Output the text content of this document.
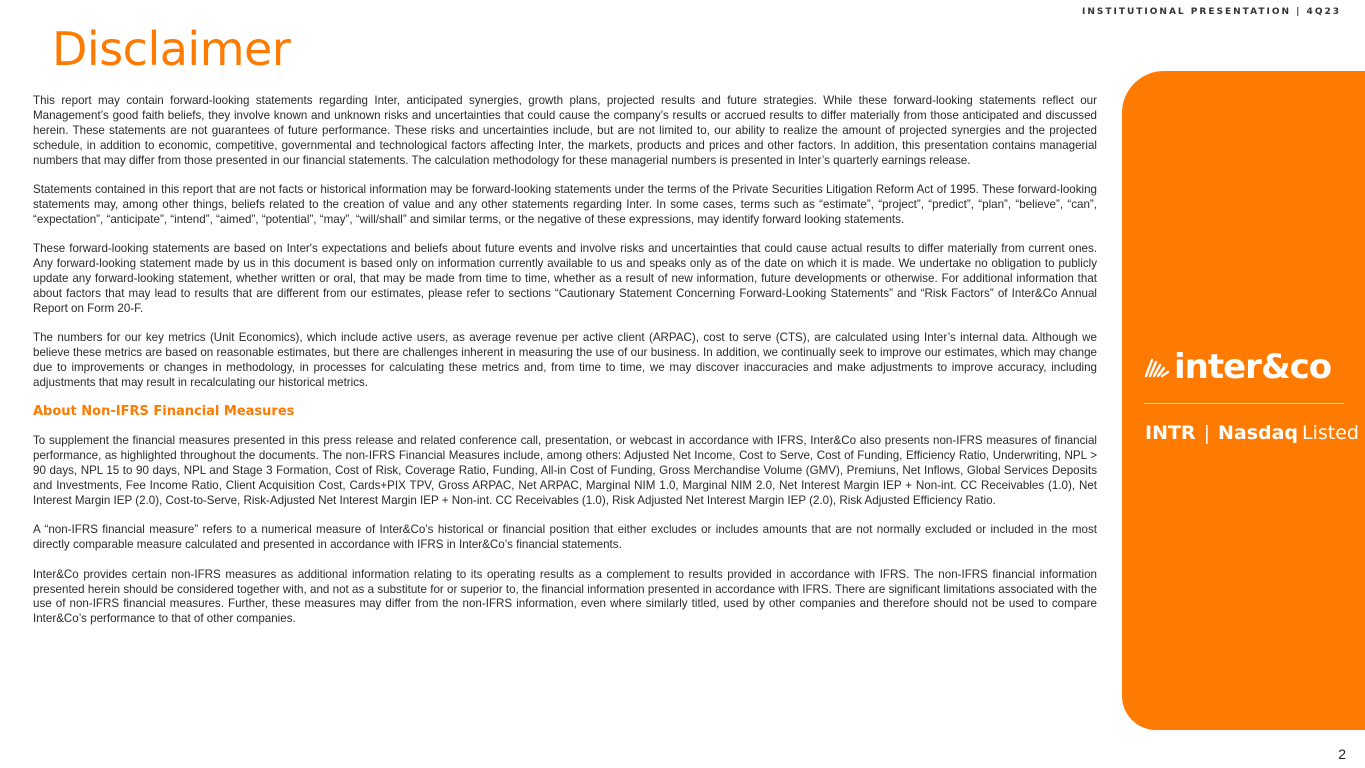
INSTITUTIONAL PRESENTATION | 4Q23
Disclaimer

This report may contain forward-looking statements regarding Inter, anticipated synergies, growth plans, projected results and future strategies. While these forward-looking statements reflect our Management’s good faith beliefs, they involve known and unknown risks and uncertainties that could cause the company’s results or accrued results to differ materially from those anticipated and discussed herein. These statements are not guarantees of future performance. These risks and uncertainties include, but are not limited to, our ability to realize the amount of projected synergies and the projected schedule, in addition to economic, competitive, governmental and technological factors affecting Inter, the markets, products and prices and other factors. In addition, this presentation contains managerial numbers that may differ from those presented in our financial statements. The calculation methodology for these managerial numbers is presented in Inter’s quarterly earnings release.

Statements contained in this report that are not facts or historical information may be forward-looking statements under the terms of the Private Securities Litigation Reform Act of 1995. These forward-looking statements may, among other things, beliefs related to the creation of value and any other statements regarding Inter. In some cases, terms such as “estimate”, “project”, “predict”, “plan”, “believe”, “can”, “expectation”, “anticipate”, “intend”, “aimed”, “potential”, “may”, “will/shall” and similar terms, or the negative of these expressions, may identify forward looking statements.

These forward-looking statements are based on Inter's expectations and beliefs about future events and involve risks and uncertainties that could cause actual results to differ materially from current ones. Any forward-looking statement made by us in this document is based only on information currently available to us and speaks only as of the date on which it is made. We undertake no obligation to publicly update any forward-looking statement, whether written or oral, that may be made from time to time, whether as a result of new information, future developments or otherwise. For additional information that about factors that may lead to results that are different from our estimates, please refer to sections “Cautionary Statement Concerning Forward-Looking Statements” and “Risk Factors” of Inter&Co Annual Report on Form 20-F.

The numbers for our key metrics (Unit Economics), which include active users, as average revenue per active client (ARPAC), cost to serve (CTS), are calculated using Inter’s internal data. Although we believe these metrics are based on reasonable estimates, but there are challenges inherent in measuring the use of our business. In addition, we continually seek to improve our estimates, which may change due to improvements or changes in methodology, in processes for calculating these metrics and, from time to time, we may discover inaccuracies and make adjustments to improve accuracy, including adjustments that may result in recalculating our historical metrics.

About Non-IFRS Financial Measures

To supplement the financial measures presented in this press release and related conference call, presentation, or webcast in accordance with IFRS, Inter&Co also presents non-IFRS measures of financial performance, as highlighted throughout the documents. The non-IFRS Financial Measures include, among others: Adjusted Net Income, Cost to Serve, Cost of Funding, Efficiency Ratio, Underwriting, NPL > 90 days, NPL 15 to 90 days, NPL and Stage 3 Formation, Cost of Risk, Coverage Ratio, Funding, All-in Cost of Funding, Gross Merchandise Volume (GMV), Premiuns, Net Inflows, Global Services Deposits and Investments, Fee Income Ratio, Client Acquisition Cost, Cards+PIX TPV, Gross ARPAC, Net ARPAC, Marginal NIM 1.0, Marginal NIM 2.0, Net Interest Margin IEP + Non-int. CC Receivables (1.0), Net Interest Margin IEP (2.0), Cost-to-Serve, Risk-Adjusted Net Interest Margin IEP + Non-int. CC Receivables (1.0), Risk Adjusted Net Interest Margin IEP (2.0), Risk Adjusted Efficiency Ratio.

A “non-IFRS financial measure” refers to a numerical measure of Inter&Co’s historical or financial position that either excludes or includes amounts that are not normally excluded or included in the most directly comparable measure calculated and presented in accordance with IFRS in Inter&Co’s financial statements.

Inter&Co provides certain non-IFRS measures as additional information relating to its operating results as a complement to results provided in accordance with IFRS. The non-IFRS financial information presented herein should be considered together with, and not as a substitute for or superior to, the financial information presented in accordance with IFRS. There are significant limitations associated with the use of non-IFRS financial measures. Further, these measures may differ from the non-IFRS information, even where similarly titled, used by other companies and therefore should not be used to compare Inter&Co’s performance to that of other companies.

inter&co
INTR | Nasdaq Listed
2
